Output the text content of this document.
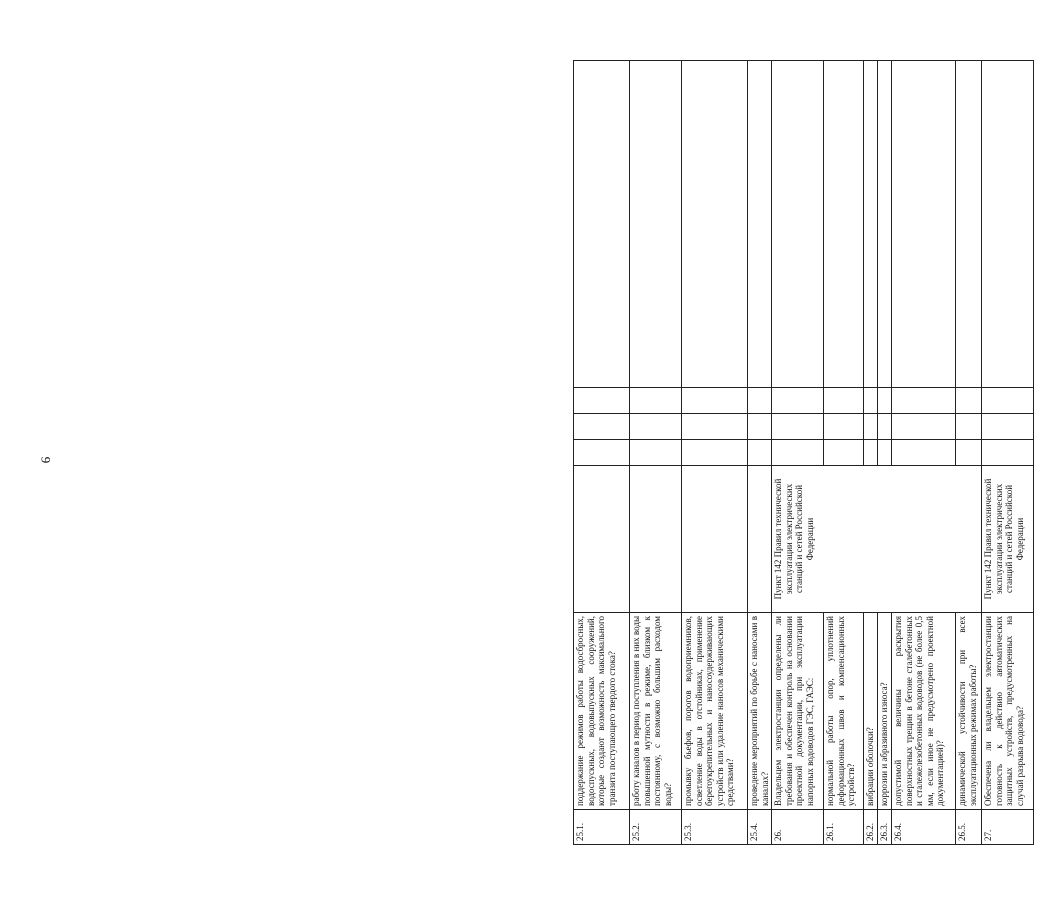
9
25.1.	поддержание режимов работы водосбросных, водоспускных, водовыпускных сооружений, которые создают возможность максимального транзита поступающего твердого стока?					
25.2.	работу каналов в период поступления в них воды повышенной мутности в режиме, близком к постоянному, с возможно большим расходом воды?					
25.3.	промывку бьефов, порогов водоприемников, осветление воды в отстойниках, применение берегоукрепительных и наносоудерживающих устройств или удаление наносов механическими средствами?					
25.4.	проведение мероприятий по борьбе с наносами в каналах?					
26.	Владельцем электростанции определены ли требования и обеспечен контроль на основании проектной документации, при эксплуатации напорных водоводов ГЭС, ГАЭС:	Пункт 142 Правил технической эксплуатации электрических станций и сетей Российской Федерации				
26.1.	нормальной работы опор, уплотнений деформационных швов и компенсационных устройств?					
26.2.	вибрации оболочки?					
26.3.	коррозии и абразивного износа?					
26.4.	допустимой величины раскрытия поверхностных трещин в бетоне сталебетонных и сталежелезобетонных водоводов (не более 0,5 мм, если иное не предусмотрено проектной документацией)?					
26.5.	динамической устойчивости при всех эксплуатационных режимах работы?					
27.	Обеспечена ли владельцем электростанции готовность к действию автоматических защитных устройств, предусмотренных на случай разрыва водовода?	Пункт 142 Правил технической эксплуатации электрических станций и сетей Российской Федерации				
